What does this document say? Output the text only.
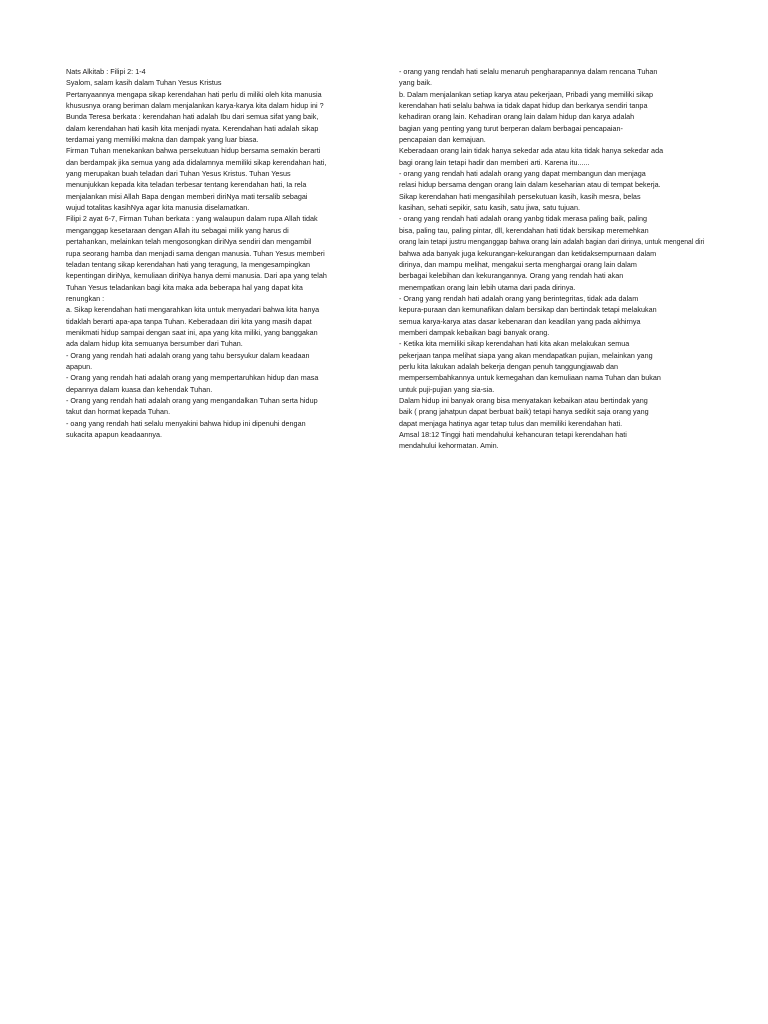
Nats Alkitab : Filipi 2: 1-4
Syalom, salam kasih dalam Tuhan Yesus Kristus
Pertanyaannya mengapa sikap kerendahan hati perlu di miliki oleh kita manusia
khususnya orang beriman dalam menjalankan karya-karya kita dalam hidup ini ?
Bunda Teresa berkata : kerendahan hati adalah Ibu dari semua sifat yang baik,
dalam kerendahan hati kasih kita menjadi nyata. Kerendahan hati adalah sikap
terdamai yang memiliki makna dan dampak yang luar biasa.
Firman Tuhan menekankan bahwa persekutuan hidup bersama semakin berarti
dan berdampak jika semua yang ada didalamnya memiliki sikap kerendahan hati,
yang merupakan buah teladan dari Tuhan Yesus Kristus. Tuhan Yesus
menunjukkan kepada kita teladan terbesar tentang kerendahan hati, Ia rela
menjalankan misi Allah Bapa dengan memberi diriNya mati tersalib sebagai
wujud totalitas kasihNya agar kita manusia diselamatkan.
Filipi 2 ayat 6-7, Firman Tuhan berkata : yang walaupun dalam rupa Allah tidak
menganggap kesetaraan dengan Allah itu sebagai milik yang harus di
pertahankan, melainkan telah mengosongkan diriNya sendiri dan mengambil
rupa seorang hamba dan menjadi sama dengan manusia. Tuhan Yesus memberi
teladan tentang sikap kerendahan hati yang teragung, Ia mengesampingkan
kepentingan diriNya, kemuliaan diriNya hanya demi manusia. Dari apa yang telah
Tuhan Yesus teladankan bagi kita maka ada beberapa hal yang dapat kita
renungkan :
a. Sikap kerendahan hati mengarahkan kita untuk menyadari bahwa kita hanya
tidaklah berarti apa-apa tanpa Tuhan. Keberadaan diri kita yang masih dapat
menikmati hidup sampai dengan saat ini, apa yang kita miliki, yang banggakan
ada dalam hidup kita semuanya bersumber dari Tuhan.
- Orang yang rendah hati adalah orang yang tahu bersyukur dalam keadaan
apapun.
- Orang yang rendah hati adalah orang yang mempertaruhkan hidup dan masa
depannya dalam kuasa dan kehendak Tuhan.
- Orang yang rendah hati adalah orang yang mengandalkan Tuhan serta hidup
takut dan hormat kepada Tuhan.
- oang yang rendah hati selalu menyakini bahwa hidup ini dipenuhi dengan
sukacita apapun keadaannya.
- orang yang rendah hati selalu menaruh pengharapannya dalam rencana Tuhan
yang baik.
b. Dalam menjalankan setiap karya atau pekerjaan, Pribadi yang memiliki sikap
kerendahan hati selalu bahwa ia tidak dapat hidup dan berkarya sendiri tanpa
kehadiran orang lain. Kehadiran orang lain dalam hidup dan karya adalah
bagian yang penting yang turut berperan dalam berbagai pencapaian-
pencapaian dan kemajuan.
Keberadaan orang lain tidak hanya sekedar ada atau kita tidak hanya sekedar ada
bagi orang lain tetapi hadir dan memberi arti. Karena itu......
- orang yang rendah hati adalah orang yang dapat membangun dan menjaga
relasi hidup bersama dengan orang lain dalam keseharian atau di tempat bekerja.
Sikap kerendahan hati mengasihilah persekutuan kasih, kasih mesra, belas
kasihan, sehati sepikir, satu kasih, satu jiwa, satu tujuan.
- orang yang rendah hati adalah orang yanbg tidak merasa paling baik, paling
bisa, paling tau, paling pintar, dll, kerendahan hati tidak bersikap meremehkan
orang lain tetapi justru menganggap bahwa orang lain adalah bagian dari dirinya, untuk mengenal diri
bahwa ada banyak juga kekurangan-kekurangan dan ketidaksempurnaan dalam
dirinya, dan mampu melihat, mengakui serta menghargai orang lain dalam
berbagai kelebihan dan kekurangannya. Orang yang rendah hati akan
menempatkan orang lain lebih utama dari pada dirinya.
- Orang yang rendah hati adalah orang yang berintegritas, tidak ada dalam
kepura-puraan dan kemunafikan dalam bersikap dan bertindak tetapi melakukan
semua karya-karya atas dasar kebenaran dan keadilan yang pada akhirnya
memberi dampak kebaikan bagi banyak orang.
- Ketika kita memiliki sikap kerendahan hati kita akan melakukan semua
pekerjaan tanpa melihat siapa yang akan mendapatkan pujian, melainkan yang
perlu kita lakukan adalah bekerja dengan penuh tanggungjawab dan
mempersembahkannya untuk kemegahan dan kemuliaan nama Tuhan dan bukan
untuk puji-pujian yang sia-sia.
Dalam hidup ini banyak orang bisa menyatakan kebaikan atau bertindak yang
baik ( prang jahatpun dapat berbuat baik) tetapi hanya sedikit saja orang yang
dapat menjaga hatinya agar tetap tulus dan memiliki kerendahan hati.
Amsal 18:12 Tinggi hati mendahului kehancuran tetapi kerendahan hati
mendahului kehormatan. Amin.
